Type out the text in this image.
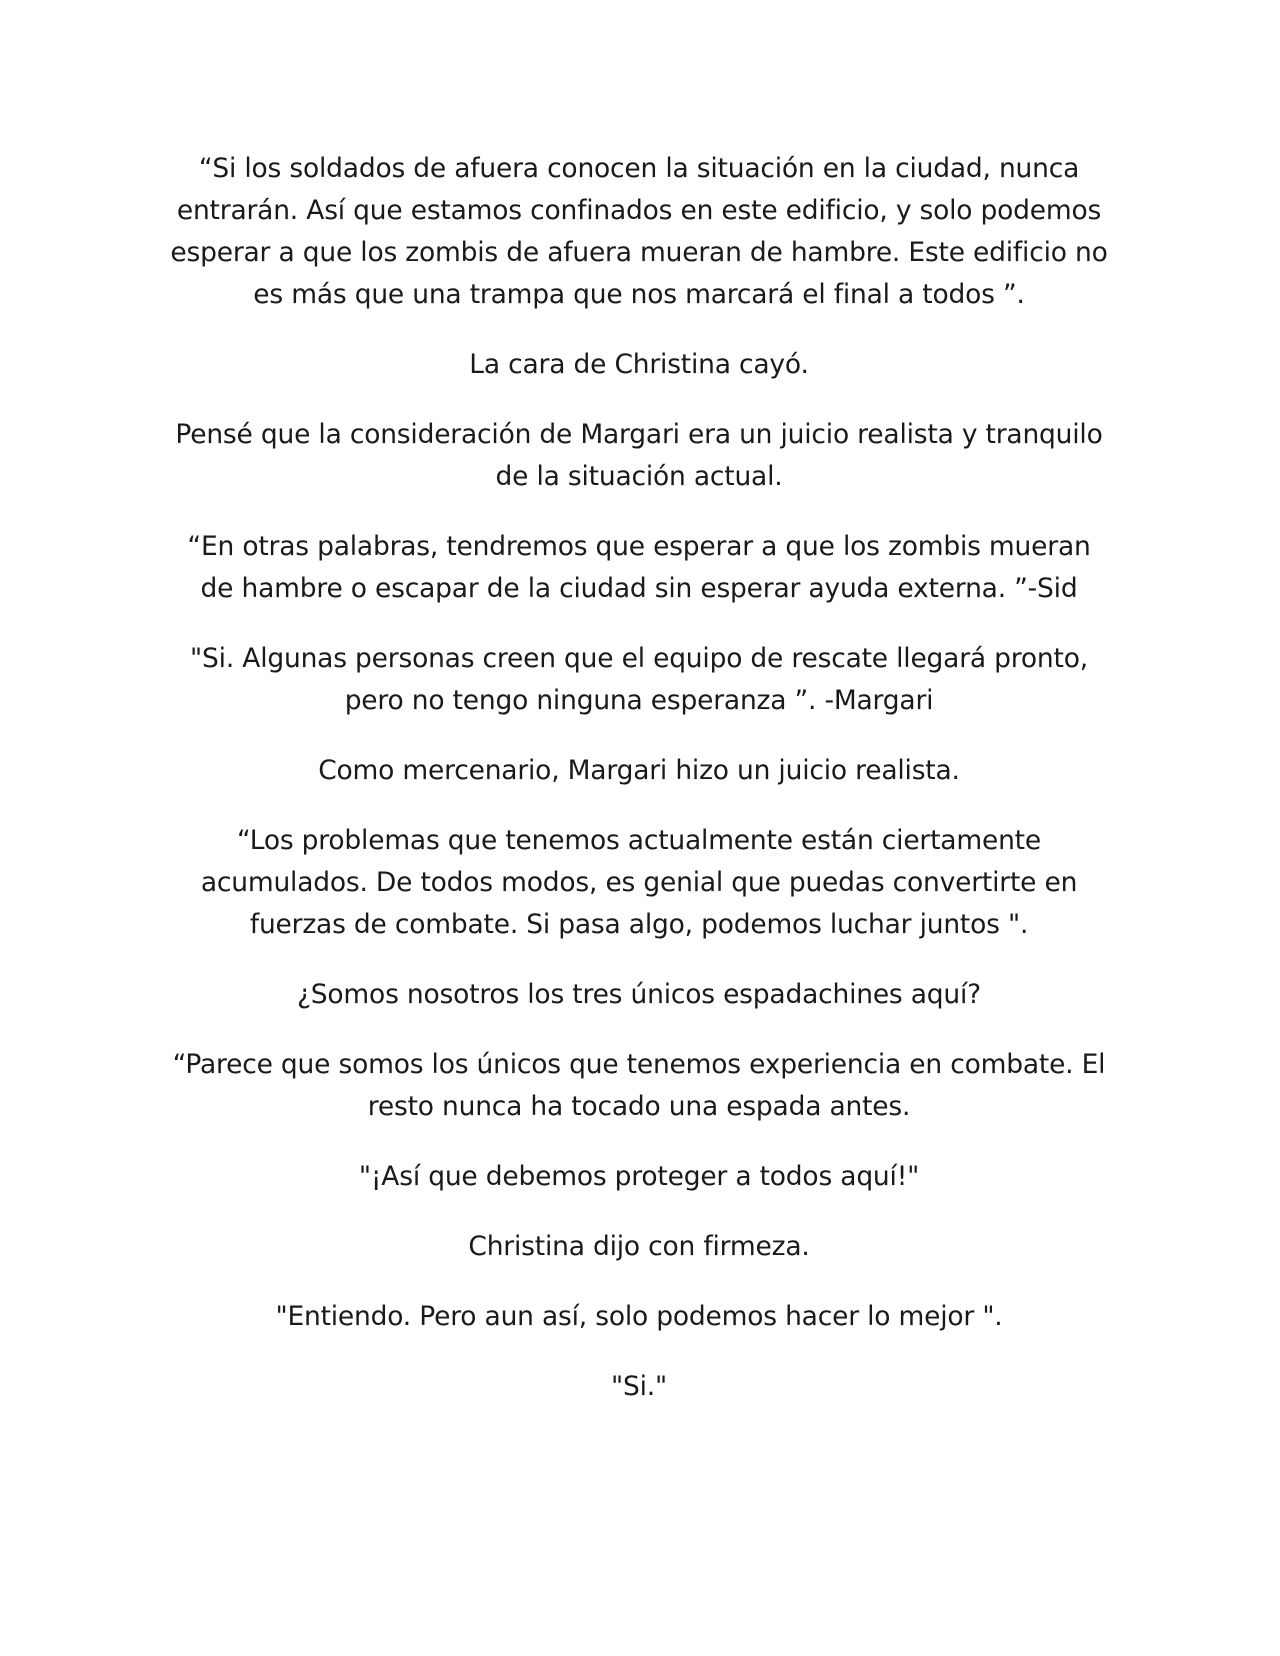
“Si los soldados de afuera conocen la situación en la ciudad, nunca entrarán. Así que estamos confinados en este edificio, y solo podemos esperar a que los zombis de afuera mueran de hambre. Este edificio no es más que una trampa que nos marcará el final a todos ”.

La cara de Christina cayó.

Pensé que la consideración de Margari era un juicio realista y tranquilo de la situación actual.

“En otras palabras, tendremos que esperar a que los zombis mueran de hambre o escapar de la ciudad sin esperar ayuda externa. ”-Sid

"Si. Algunas personas creen que el equipo de rescate llegará pronto, pero no tengo ninguna esperanza ”. -Margari

Como mercenario, Margari hizo un juicio realista.

“Los problemas que tenemos actualmente están ciertamente acumulados. De todos modos, es genial que puedas convertirte en fuerzas de combate. Si pasa algo, podemos luchar juntos ".

¿Somos nosotros los tres únicos espadachines aquí?

“Parece que somos los únicos que tenemos experiencia en combate. El resto nunca ha tocado una espada antes.

"¡Así que debemos proteger a todos aquí!"

Christina dijo con firmeza.

"Entiendo. Pero aun así, solo podemos hacer lo mejor ".

"Si."
